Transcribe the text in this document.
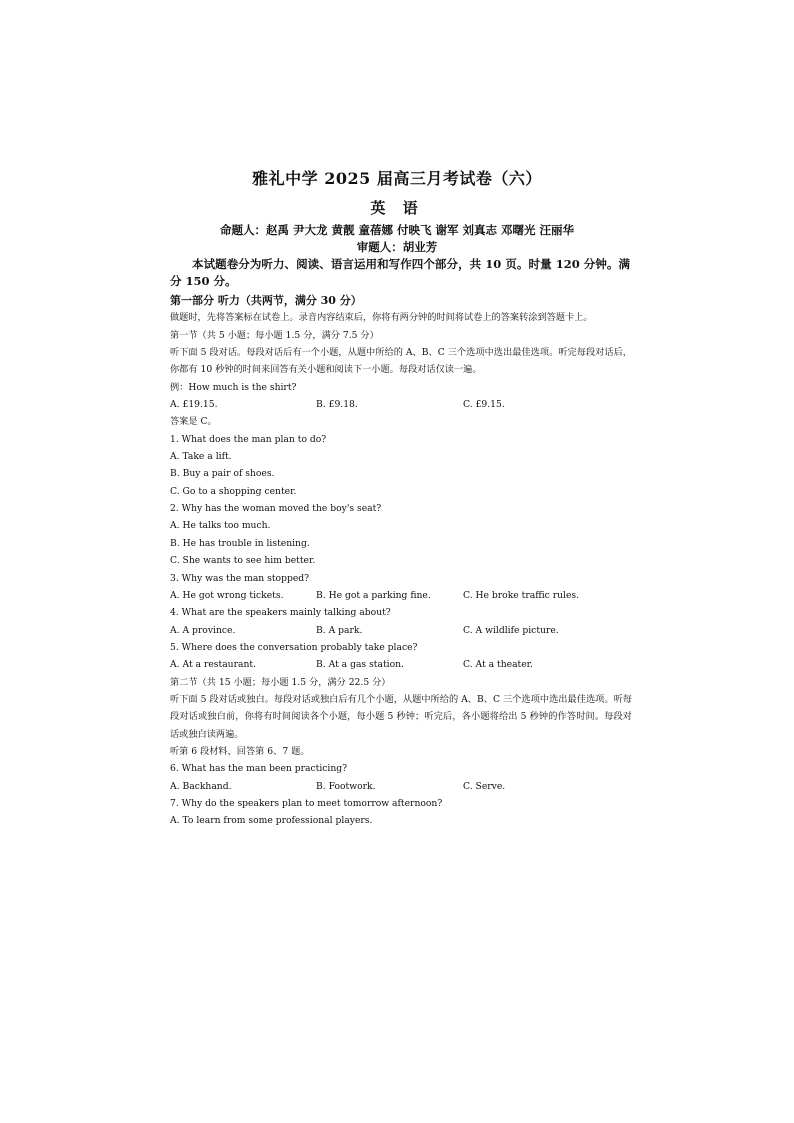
雅礼中学 2025 届高三月考试卷（六）
英 语
命题人：赵禹 尹大龙 黄靓 童蓓娜 付映飞 谢军 刘真志 邓曙光 汪丽华
审题人：胡业芳
本试题卷分为听力、阅读、语言运用和写作四个部分，共 10 页。时量 120 分钟。满分 150 分。
第一部分 听力（共两节，满分 30 分）
做题时，先将答案标在试卷上。录音内容结束后，你将有两分钟的时间将试卷上的答案转涂到答题卡上。
第一节（共 5 小题；每小题 1.5 分，满分 7.5 分）
听下面 5 段对话。每段对话后有一个小题，从题中所给的 A、B、C 三个选项中选出最佳选项。听完每段对话后，你都有 10 秒钟的时间来回答有关小题和阅读下一小题。每段对话仅读一遍。
例：How much is the shirt?
A. £19.15.	B. £9.18.	C. £9.15.
答案是 C。
1. What does the man plan to do?
A. Take a lift.
B. Buy a pair of shoes.
C. Go to a shopping center.
2. Why has the woman moved the boy's seat?
A. He talks too much.
B. He has trouble in listening.
C. She wants to see him better.
3. Why was the man stopped?
A. He got wrong tickets.	B. He got a parking fine.	C. He broke traffic rules.
4. What are the speakers mainly talking about?
A. A province.	B. A park.	C. A wildlife picture.
5. Where does the conversation probably take place?
A. At a restaurant.	B. At a gas station.	C. At a theater.
第二节（共 15 小题；每小题 1.5 分，满分 22.5 分）
听下面 5 段对话或独白。每段对话或独白后有几个小题，从题中所给的 A、B、C 三个选项中选出最佳选项。听每段对话或独白前，你将有时间阅读各个小题，每小题 5 秒钟；听完后，各小题将给出 5 秒钟的作答时间。每段对话或独白读两遍。
听第 6 段材料，回答第 6、7 题。
6. What has the man been practicing?
A. Backhand.	B. Footwork.	C. Serve.
7. Why do the speakers plan to meet tomorrow afternoon?
A. To learn from some professional players.
